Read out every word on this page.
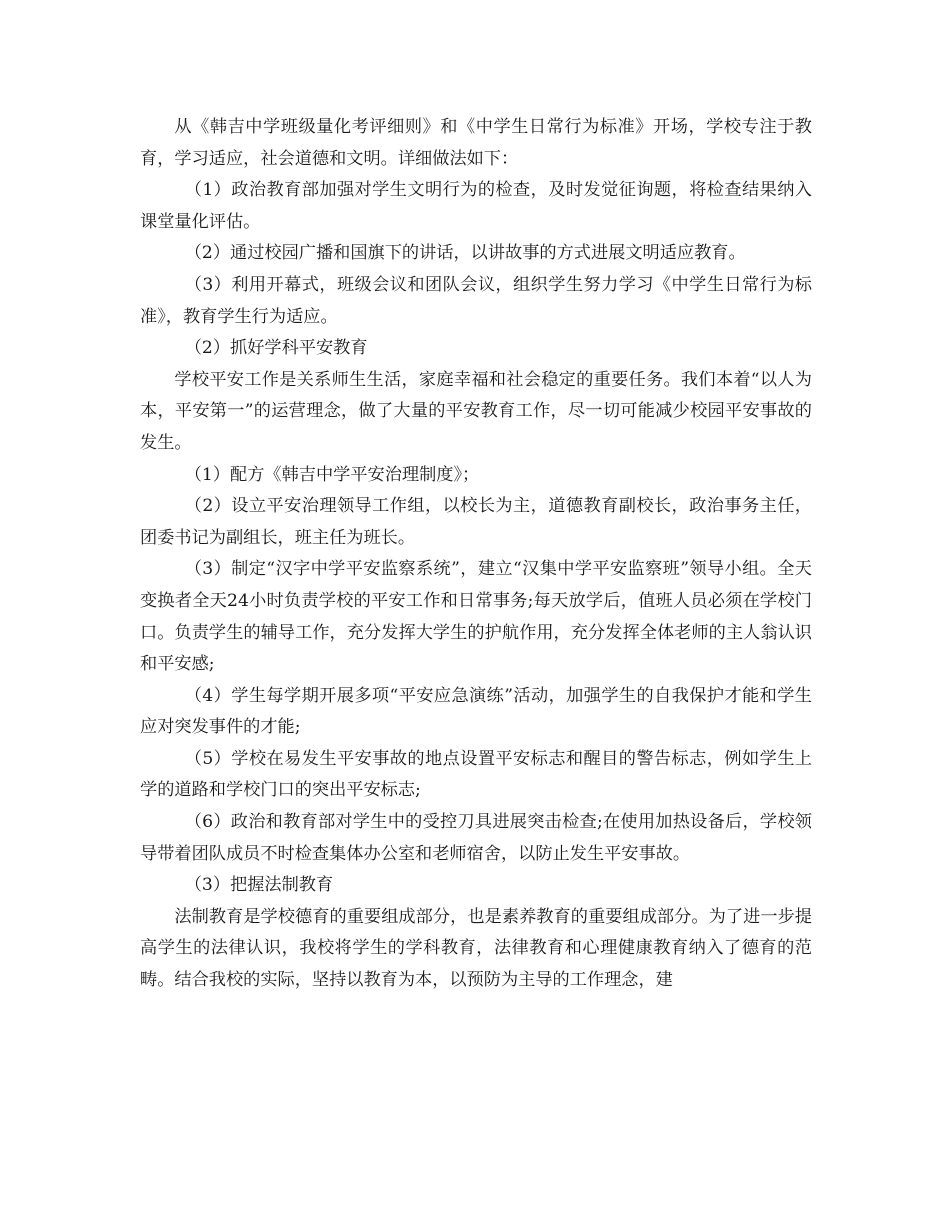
从《韩吉中学班级量化考评细则》和《中学生日常行为标准》开场，学校专注于教育，学习适应，社会道德和文明。详细做法如下：

（1）政治教育部加强对学生文明行为的检查，及时发觉征询题，将检查结果纳入课堂量化评估。

（2）通过校园广播和国旗下的讲话，以讲故事的方式进展文明适应教育。

（3）利用开幕式，班级会议和团队会议，组织学生努力学习《中学生日常行为标准》，教育学生行为适应。

（2）抓好学科平安教育

学校平安工作是关系师生生活，家庭幸福和社会稳定的重要任务。我们本着“以人为本，平安第一”的运营理念，做了大量的平安教育工作，尽一切可能减少校园平安事故的发生。

（1）配方《韩吉中学平安治理制度》；

（2）设立平安治理领导工作组，以校长为主，道德教育副校长，政治事务主任，团委书记为副组长，班主任为班长。

（3）制定“汉字中学平安监察系统”，建立“汉集中学平安监察班”领导小组。全天变换者全天24小时负责学校的平安工作和日常事务;每天放学后，值班人员必须在学校门口。负责学生的辅导工作，充分发挥大学生的护航作用，充分发挥全体老师的主人翁认识和平安感;

（4）学生每学期开展多项“平安应急演练”活动，加强学生的自我保护才能和学生应对突发事件的才能;

（5）学校在易发生平安事故的地点设置平安标志和醒目的警告标志，例如学生上学的道路和学校门口的突出平安标志;

（6）政治和教育部对学生中的受控刀具进展突击检查;在使用加热设备后，学校领导带着团队成员不时检查集体办公室和老师宿舍，以防止发生平安事故。

（3）把握法制教育

法制教育是学校德育的重要组成部分，也是素养教育的重要组成部分。为了进一步提高学生的法律认识，我校将学生的学科教育，法律教育和心理健康教育纳入了德育的范畴。结合我校的实际，坚持以教育为本，以预防为主导的工作理念，建
